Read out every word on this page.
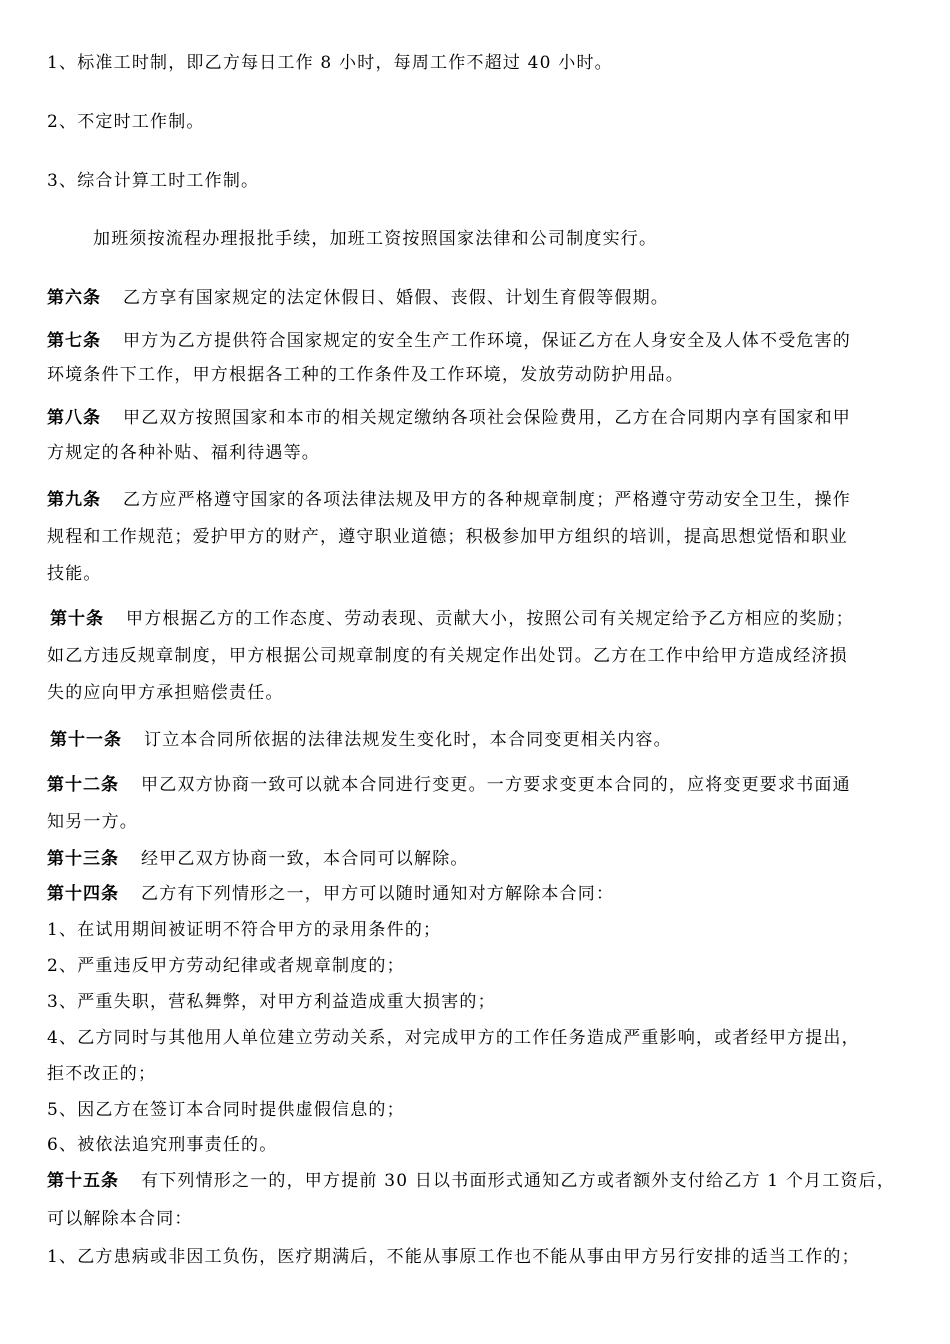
1、标准工时制，即乙方每日工作 8 小时，每周工作不超过 40 小时。
2、不定时工作制。
3、综合计算工时工作制。
加班须按流程办理报批手续，加班工资按照国家法律和公司制度实行。
第六条 乙方享有国家规定的法定休假日、婚假、丧假、计划生育假等假期。
第七条 甲方为乙方提供符合国家规定的安全生产工作环境，保证乙方在人身安全及人体不受危害的
环境条件下工作，甲方根据各工种的工作条件及工作环境，发放劳动防护用品。
第八条 甲乙双方按照国家和本市的相关规定缴纳各项社会保险费用，乙方在合同期内享有国家和甲
方规定的各种补贴、福利待遇等。
第九条 乙方应严格遵守国家的各项法律法规及甲方的各种规章制度；严格遵守劳动安全卫生，操作
规程和工作规范；爱护甲方的财产，遵守职业道德；积极参加甲方组织的培训，提高思想觉悟和职业
技能。
第十条 甲方根据乙方的工作态度、劳动表现、贡献大小，按照公司有关规定给予乙方相应的奖励；
如乙方违反规章制度，甲方根据公司规章制度的有关规定作出处罚。乙方在工作中给甲方造成经济损
失的应向甲方承担赔偿责任。
第十一条 订立本合同所依据的法律法规发生变化时，本合同变更相关内容。
第十二条 甲乙双方协商一致可以就本合同进行变更。一方要求变更本合同的，应将变更要求书面通
知另一方。
第十三条 经甲乙双方协商一致，本合同可以解除。
第十四条 乙方有下列情形之一，甲方可以随时通知对方解除本合同：
1、在试用期间被证明不符合甲方的录用条件的；
2、严重违反甲方劳动纪律或者规章制度的；
3、严重失职，营私舞弊，对甲方利益造成重大损害的；
4、乙方同时与其他用人单位建立劳动关系，对完成甲方的工作任务造成严重影响，或者经甲方提出，
拒不改正的；
5、因乙方在签订本合同时提供虚假信息的；
6、被依法追究刑事责任的。
第十五条 有下列情形之一的，甲方提前 30 日以书面形式通知乙方或者额外支付给乙方 1 个月工资后，
可以解除本合同：
1、乙方患病或非因工负伤，医疗期满后，不能从事原工作也不能从事由甲方另行安排的适当工作的；
